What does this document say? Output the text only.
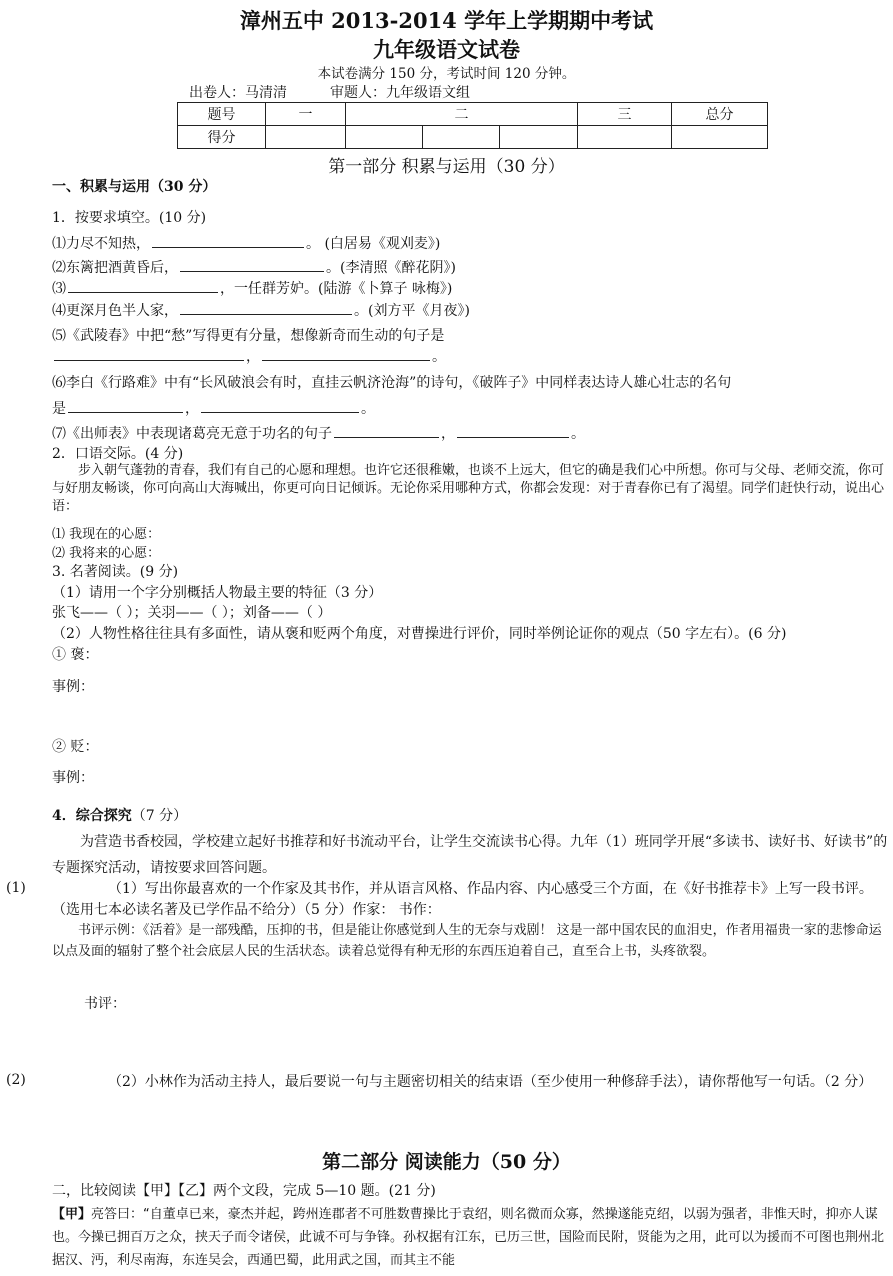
漳州五中 2013-2014 学年上学期期中考试
九年级语文试卷
本试卷满分 150 分，考试时间 120 分钟。
出卷人：马清清	审题人：九年级语文组
题号	一	二			三	总分
得分						
第一部分 积累与运用（30 分）
一、积累与运用（30 分）
1．按要求填空。(10 分)
⑴力尽不知热，	。 (白居易《观刈麦》)
⑵东篱把酒黄昏后，	。(李清照《醉花阴》)
⑶	，一任群芳妒。(陆游《卜算子 咏梅》)
⑷更深月色半人家，	。(刘方平《月夜》)
⑸《武陵春》中把“愁”写得更有分量，想像新奇而生动的句子是
，	。
⑹李白《行路难》中有“长风破浪会有时，直挂云帆济沧海”的诗句，《破阵子》中同样表达诗人雄心壮志的名句
是	，	。
⑺《出师表》中表现诸葛亮无意于功名的句子	，	。
2．口语交际。(4 分)
步入朝气蓬勃的青春，我们有自己的心愿和理想。也许它还很稚嫩，也谈不上远大，但它的确是我们心中所想。你可与父母、老师交流，你可与好朋友畅谈，你可向高山大海喊出，你更可向日记倾诉。无论你采用哪种方式，你都会发现：对于青春你已有了渴望。同学们赶快行动，说出心语：
⑴ 我现在的心愿：
⑵ 我将来的心愿：
3. 名著阅读。(9 分)
（1）请用一个字分别概括人物最主要的特征（3 分）
张飞——（ ）；关羽——（ ）；刘备——（ ）
（2）人物性格往往具有多面性，请从褒和贬两个角度，对曹操进行评价，同时举例论证你的观点（50 字左右）。(6 分)
① 褒：
事例：
② 贬：
事例：
4．综合探究（7 分）
为营造书香校园，学校建立起好书推荐和好书流动平台，让学生交流读书心得。九年（1）班同学开展“多读书、读好书、好读书”的专题探究活动，请按要求回答问题。
(1)	（1）写出你最喜欢的一个作家及其书作，并从语言风格、作品内容、内心感受三个方面，在《好书推荐卡》上写一段书评。（选用七本必读名著及已学作品不给分）（5 分）作家： 书作：
书评示例：《活着》是一部残酷，压抑的书，但是能让你感觉到人生的无奈与戏剧！ 这是一部中国农民的血泪史，作者用福贵一家的悲惨命运以点及面的辐射了整个社会底层人民的生活状态。读着总觉得有种无形的东西压迫着自己，直至合上书，头疼欲裂。
书评：
(2)	（2）小林作为活动主持人，最后要说一句与主题密切相关的结束语（至少使用一种修辞手法），请你帮他写一句话。（2 分）
第二部分 阅读能力（50 分）
二，比较阅读【甲】【乙】两个文段，完成 5—10 题。(21 分)
【甲】亮答曰：“自董卓已来，豪杰并起，跨州连郡者不可胜数曹操比于袁绍，则名微而众寡，然操遂能克绍，以弱为强者，非惟天时，抑亦人谋也。今操已拥百万之众，挟天子而令诸侯，此诚不可与争锋。孙权据有江东，已历三世，国险而民附，贤能为之用，此可以为援而不可图也荆州北据汉、沔，利尽南海，东连吴会，西通巴蜀，此用武之国，而其主不能
